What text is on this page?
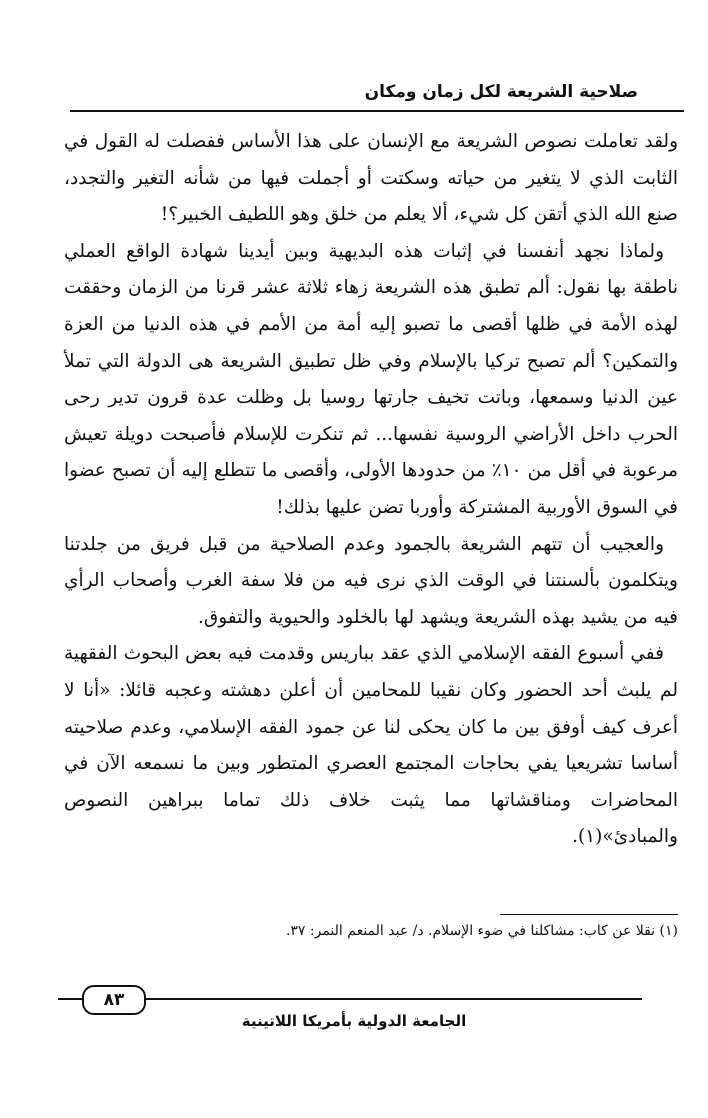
صلاحية الشريعة لكل زمان ومكان

ولقد تعاملت نصوص الشريعة مع الإنسان على هذا الأساس ففصلت له القول في الثابت الذي لا يتغير من حياته وسكتت أو أجملت فيها من شأنه التغير والتجدد، صنع الله الذي أتقن كل شيء، ألا يعلم من خلق وهو اللطيف الخبير؟!

ولماذا نجهد أنفسنا في إثبات هذه البديهية وبين أيدينا شهادة الواقع العملي ناطقة بها نقول: ألم تطبق هذه الشريعة زهاء ثلاثة عشر قرنا من الزمان وحققت لهذه الأمة في ظلها أقصى ما تصبو إليه أمة من الأمم في هذه الدنيا من العزة والتمكين؟ ألم تصبح تركيا بالإسلام وفي ظل تطبيق الشريعة هى الدولة التي تملأ عين الدنيا وسمعها، وباتت تخيف جارتها روسيا بل وظلت عدة قرون تدير رحى الحرب داخل الأراضي الروسية نفسها... ثم تنكرت للإسلام فأصبحت دويلة تعيش مرعوبة في أقل من ١٠٪ من حدودها الأولى، وأقصى ما تتطلع إليه أن تصبح عضوا في السوق الأوربية المشتركة وأوربا تضن عليها بذلك!

والعجيب أن تتهم الشريعة بالجمود وعدم الصلاحية من قبل فريق من جلدتنا ويتكلمون بألسنتنا في الوقت الذي نرى فيه من فلا سفة الغرب وأصحاب الرأي فيه من يشيد بهذه الشريعة ويشهد لها بالخلود والحيوية والتفوق.

ففي أسبوع الفقه الإسلامي الذي عقد بباريس وقدمت فيه بعض البحوث الفقهية لم يلبث أحد الحضور وكان نقيبا للمحامين أن أعلن دهشته وعجبه قائلا: «أنا لا أعرف كيف أوفق بين ما كان يحكى لنا عن جمود الفقه الإسلامي، وعدم صلاحيته أساسا تشريعيا يفي بحاجات المجتمع العصري المتطور وبين ما نسمعه الآن في المحاضرات ومناقشاتها مما يثبت خلاف ذلك تماما ببراهين النصوص والمبادئ»(١).

(١) نقلا عن كاب: مشاكلنا في ضوء الإسلام. د/ عبد المنعم النمر: ٣٧.
٨٣
الجامعة الدولية بأمريكا اللاتينية
